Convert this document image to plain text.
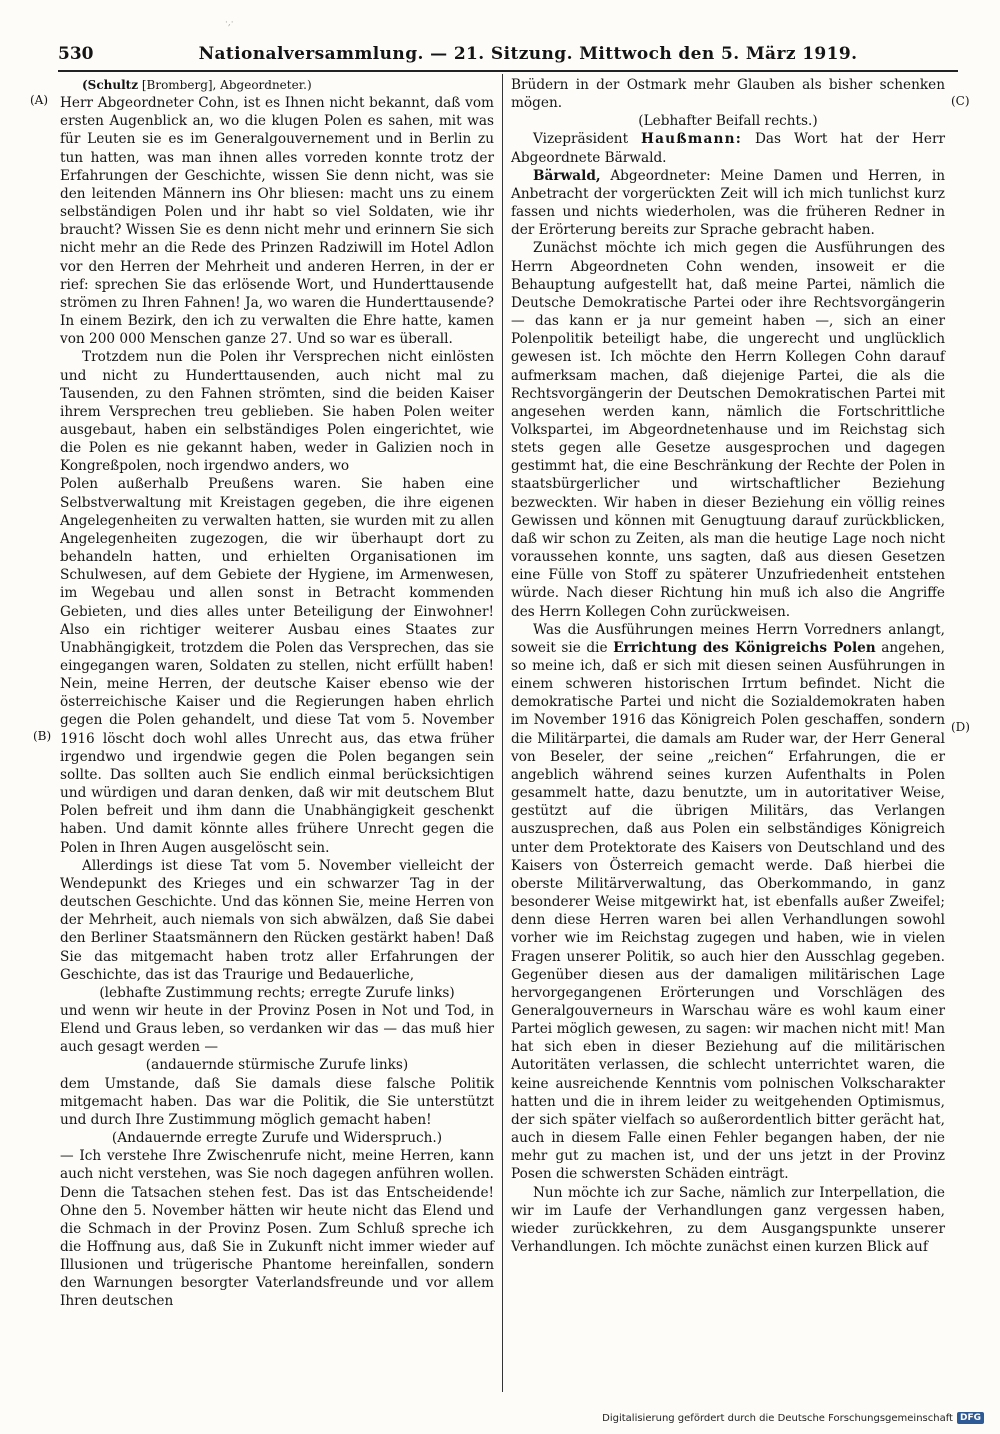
·,·
530	Nationalversammlung. — 21. Sitzung. Mittwoch den 5. März 1919.
(A)
(B)
(C)
(D)

(Schultz [Bromberg], Abgeordneter.)

Herr Abgeordneter Cohn, ist es Ihnen nicht bekannt, daß vom ersten Augenblick an, wo die klugen Polen es sahen, mit was für Leuten sie es im Generalgouvernement und in Berlin zu tun hatten, was man ihnen alles vorreden konnte trotz der Erfahrungen der Geschichte, wissen Sie denn nicht, was sie den leitenden Männern ins Ohr bliesen: macht uns zu einem selbständigen Polen und ihr habt so viel Soldaten, wie ihr braucht? Wissen Sie es denn nicht mehr und erinnern Sie sich nicht mehr an die Rede des Prinzen Radziwill im Hotel Adlon vor den Herren der Mehrheit und anderen Herren, in der er rief: sprechen Sie das erlösende Wort, und Hunderttausende strömen zu Ihren Fahnen! Ja, wo waren die Hunderttausende? In einem Bezirk, den ich zu verwalten die Ehre hatte, kamen von 200 000 Menschen ganze 27. Und so war es überall.

Trotzdem nun die Polen ihr Versprechen nicht einlösten und nicht zu Hunderttausenden, auch nicht mal zu Tausenden, zu den Fahnen strömten, sind die beiden Kaiser ihrem Versprechen treu geblieben. Sie haben Polen weiter ausgebaut, haben ein selbständiges Polen eingerichtet, wie die Polen es nie gekannt haben, weder in Galizien noch in Kongreßpolen, noch irgendwo anders, wo

Polen außerhalb Preußens waren. Sie haben eine Selbstverwaltung mit Kreistagen gegeben, die ihre eigenen Angelegenheiten zu verwalten hatten, sie wurden mit zu allen Angelegenheiten zugezogen, die wir überhaupt dort zu behandeln hatten, und erhielten Organisationen im Schulwesen, auf dem Gebiete der Hygiene, im Armenwesen, im Wegebau und allen sonst in Betracht kommenden Gebieten, und dies alles unter Beteiligung der Einwohner! Also ein richtiger weiterer Ausbau eines Staates zur Unabhängigkeit, trotzdem die Polen das Versprechen, das sie eingegangen waren, Soldaten zu stellen, nicht erfüllt haben! Nein, meine Herren, der deutsche Kaiser ebenso wie der österreichische Kaiser und die Regierungen haben ehrlich gegen die Polen gehandelt, und diese Tat vom 5. November 1916 löscht doch wohl alles Unrecht aus, das etwa früher irgendwo und irgendwie gegen die Polen begangen sein sollte. Das sollten auch Sie endlich einmal berücksichtigen und würdigen und daran denken, daß wir mit deutschem Blut Polen befreit und ihm dann die Unabhängigkeit geschenkt haben. Und damit könnte alles frühere Unrecht gegen die Polen in Ihren Augen ausgelöscht sein.

Allerdings ist diese Tat vom 5. November vielleicht der Wendepunkt des Krieges und ein schwarzer Tag in der deutschen Geschichte. Und das können Sie, meine Herren von der Mehrheit, auch niemals von sich abwälzen, daß Sie dabei den Berliner Staatsmännern den Rücken gestärkt haben! Daß Sie das mitgemacht haben trotz aller Erfahrungen der Geschichte, das ist das Traurige und Bedauerliche,

(lebhafte Zustimmung rechts; erregte Zurufe links)

und wenn wir heute in der Provinz Posen in Not und Tod, in Elend und Graus leben, so verdanken wir das — das muß hier auch gesagt werden —

(andauernde stürmische Zurufe links)

dem Umstande, daß Sie damals diese falsche Politik mitgemacht haben. Das war die Politik, die Sie unterstützt und durch Ihre Zustimmung möglich gemacht haben!

(Andauernde erregte Zurufe und Widerspruch.)

— Ich verstehe Ihre Zwischenrufe nicht, meine Herren, kann auch nicht verstehen, was Sie noch dagegen anführen wollen. Denn die Tatsachen stehen fest. Das ist das Entscheidende! Ohne den 5. November hätten wir heute nicht das Elend und die Schmach in der Provinz Posen. Zum Schluß spreche ich die Hoffnung aus, daß Sie in Zukunft nicht immer wieder auf Illusionen und trügerische Phantome hereinfallen, sondern den Warnungen besorgter Vaterlandsfreunde und vor allem Ihren deutschen

Brüdern in der Ostmark mehr Glauben als bisher schenken mögen.

(Lebhafter Beifall rechts.)

Vizepräsident Haußmann: Das Wort hat der Herr Abgeordnete Bärwald.

Bärwald, Abgeordneter: Meine Damen und Herren, in Anbetracht der vorgerückten Zeit will ich mich tunlichst kurz fassen und nichts wiederholen, was die früheren Redner in der Erörterung bereits zur Sprache gebracht haben.

Zunächst möchte ich mich gegen die Ausführungen des Herrn Abgeordneten Cohn wenden, insoweit er die Behauptung aufgestellt hat, daß meine Partei, nämlich die Deutsche Demokratische Partei oder ihre Rechtsvorgängerin — das kann er ja nur gemeint haben —, sich an einer Polenpolitik beteiligt habe, die ungerecht und unglücklich gewesen ist. Ich möchte den Herrn Kollegen Cohn darauf aufmerksam machen, daß diejenige Partei, die als die Rechtsvorgängerin der Deutschen Demokratischen Partei mit angesehen werden kann, nämlich die Fortschrittliche Volkspartei, im Abgeordnetenhause und im Reichstag sich stets gegen alle Gesetze ausgesprochen und dagegen gestimmt hat, die eine Beschränkung der Rechte der Polen in staatsbürgerlicher und wirtschaftlicher Beziehung bezweckten. Wir haben in dieser Beziehung ein völlig reines Gewissen und können mit Genugtuung darauf zurückblicken, daß wir schon zu Zeiten, als man die heutige Lage noch nicht voraussehen konnte, uns sagten, daß aus diesen Gesetzen eine Fülle von Stoff zu späterer Unzufriedenheit entstehen würde. Nach dieser Richtung hin muß ich also die Angriffe des Herrn Kollegen Cohn zurückweisen.

Was die Ausführungen meines Herrn Vorredners anlangt, soweit sie die Errichtung des Königreichs Polen angehen, so meine ich, daß er sich mit diesen seinen Ausführungen in einem schweren historischen Irrtum befindet. Nicht die demokratische Partei und nicht die Sozialdemokraten haben im November 1916 das Königreich Polen geschaffen, sondern die Militärpartei, die damals am Ruder war, der Herr General von Beseler, der seine „reichen“ Erfahrungen, die er angeblich während seines kurzen Aufenthalts in Polen gesammelt hatte, dazu benutzte, um in autoritativer Weise, gestützt auf die übrigen Militärs, das Verlangen auszusprechen, daß aus Polen ein selbständiges Königreich unter dem Protektorate des Kaisers von Deutschland und des Kaisers von Österreich gemacht werde. Daß hierbei die oberste Militärverwaltung, das Oberkommando, in ganz besonderer Weise mitgewirkt hat, ist ebenfalls außer Zweifel; denn diese Herren waren bei allen Verhandlungen sowohl vorher wie im Reichstag zugegen und haben, wie in vielen Fragen unserer Politik, so auch hier den Ausschlag gegeben. Gegenüber diesen aus der damaligen militärischen Lage hervorgegangenen Erörterungen und Vorschlägen des Generalgouverneurs in Warschau wäre es wohl kaum einer Partei möglich gewesen, zu sagen: wir machen nicht mit! Man hat sich eben in dieser Beziehung auf die militärischen Autoritäten verlassen, die schlecht unterrichtet waren, die keine ausreichende Kenntnis vom polnischen Volkscharakter hatten und die in ihrem leider zu weitgehenden Optimismus, der sich später vielfach so außerordentlich bitter gerächt hat, auch in diesem Falle einen Fehler begangen haben, der nie mehr gut zu machen ist, und der uns jetzt in der Provinz Posen die schwersten Schäden einträgt.

Nun möchte ich zur Sache, nämlich zur Interpellation, die wir im Laufe der Verhandlungen ganz vergessen haben, wieder zurückkehren, zu dem Ausgangspunkte unserer Verhandlungen. Ich möchte zunächst einen kurzen Blick auf

Digitalisierung gefördert durch die Deutsche Forschungsgemeinschaft DFG
